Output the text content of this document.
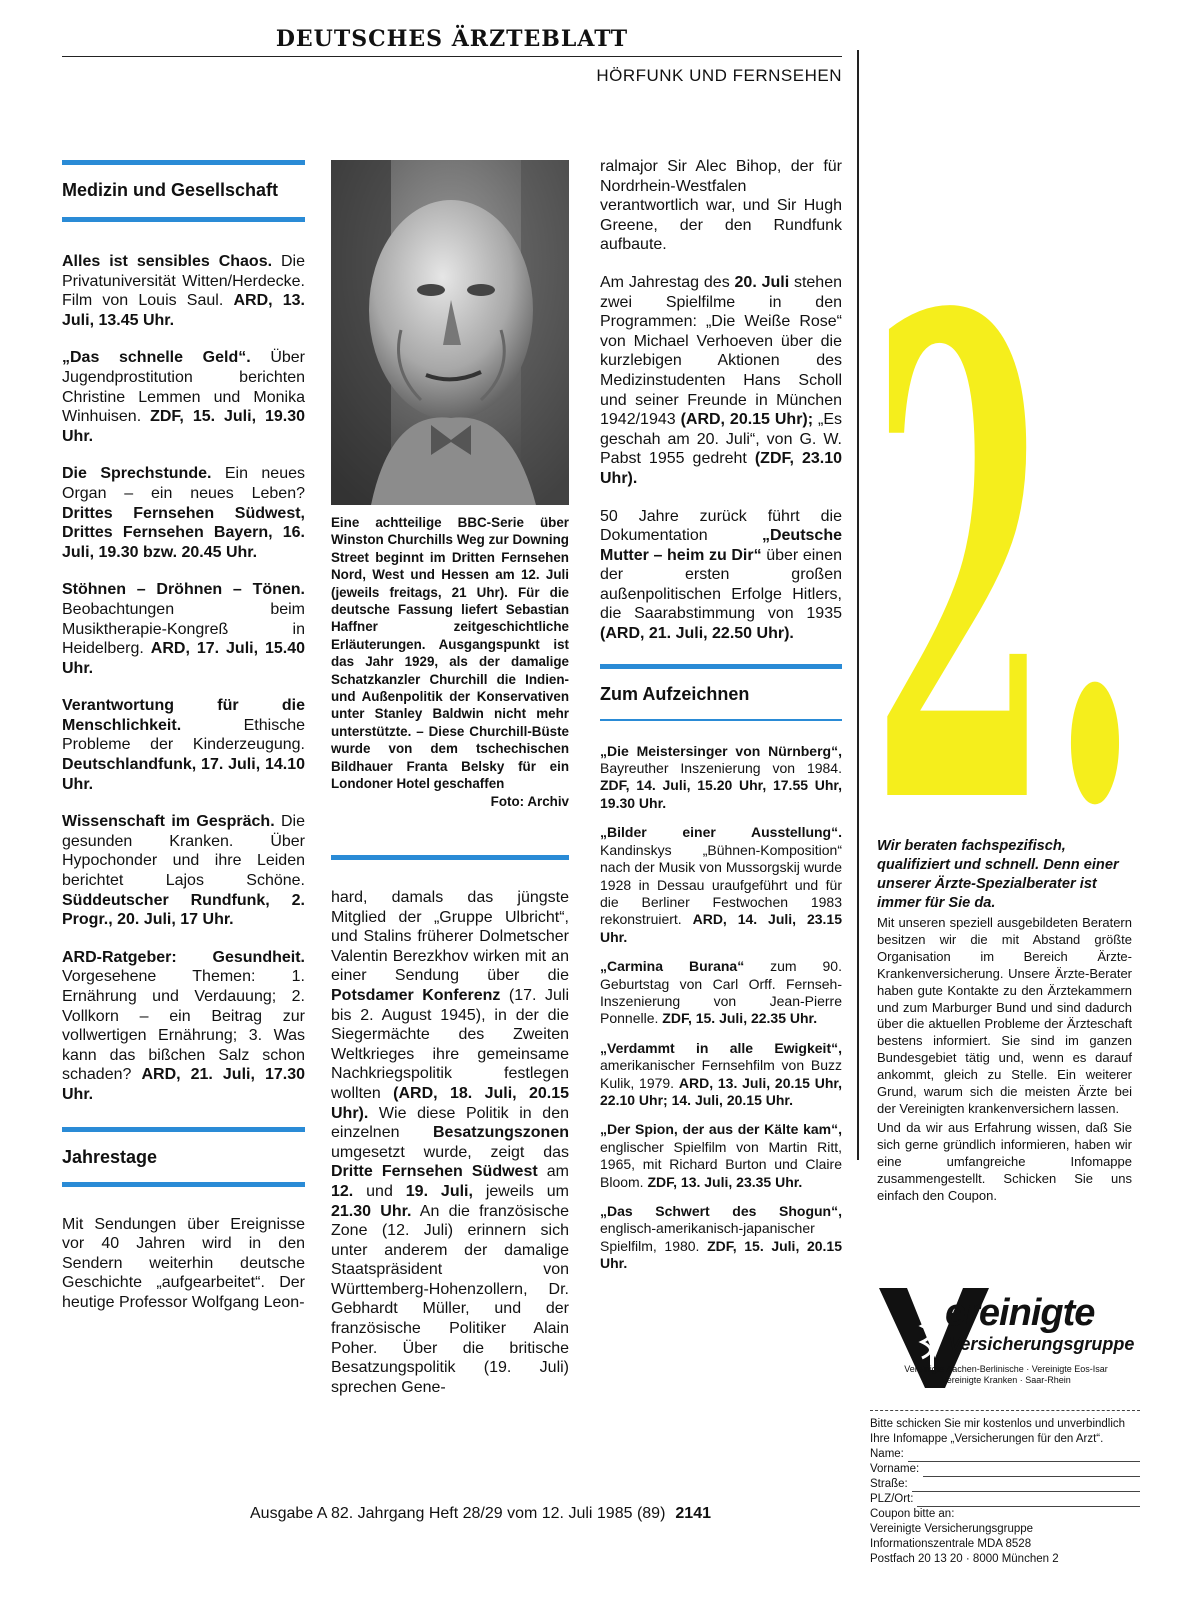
DEUTSCHES ÄRZTEBLATT
HÖRFUNK UND FERNSEHEN
Medizin und Gesellschaft
Alles ist sensibles Chaos. Die Privatuniversität Witten/Herdecke. Film von Louis Saul. ARD, 13. Juli, 13.45 Uhr.
„Das schnelle Geld“. Über Jugendprostitution berichten Christine Lemmen und Monika Winhuisen. ZDF, 15. Juli, 19.30 Uhr.
Die Sprechstunde. Ein neues Organ – ein neues Leben? Drittes Fernsehen Südwest, Drittes Fernsehen Bayern, 16. Juli, 19.30 bzw. 20.45 Uhr.
Stöhnen – Dröhnen – Tönen. Beobachtungen beim Musiktherapie-Kongreß in Heidelberg. ARD, 17. Juli, 15.40 Uhr.
Verantwortung für die Menschlichkeit. Ethische Probleme der Kinderzeugung. Deutschlandfunk, 17. Juli, 14.10 Uhr.
Wissenschaft im Gespräch. Die gesunden Kranken. Über Hypochonder und ihre Leiden berichtet Lajos Schöne. Süddeutscher Rundfunk, 2. Progr., 20. Juli, 17 Uhr.
ARD-Ratgeber: Gesundheit. Vorgesehene Themen: 1. Ernährung und Verdauung; 2. Vollkorn – ein Beitrag zur vollwertigen Ernährung; 3. Was kann das bißchen Salz schon schaden? ARD, 21. Juli, 17.30 Uhr.
Jahrestage
Mit Sendungen über Ereignisse vor 40 Jahren wird in den Sendern weiterhin deutsche Geschichte „aufgearbeitet“. Der heutige Professor Wolfgang Leon-
Eine achtteilige BBC-Serie über Winston Churchills Weg zur Downing Street beginnt im Dritten Fernsehen Nord, West und Hessen am 12. Juli (jeweils freitags, 21 Uhr). Für die deutsche Fassung liefert Sebastian Haffner zeitgeschichtliche Erläuterungen. Ausgangspunkt ist das Jahr 1929, als der damalige Schatzkanzler Churchill die Indien- und Außenpolitik der Konservativen unter Stanley Baldwin nicht mehr unterstützte. – Diese Churchill-Büste wurde von dem tschechischen Bildhauer Franta Belsky für ein Londoner Hotel geschaffen
Foto: Archiv
hard, damals das jüngste Mitglied der „Gruppe Ulbricht“, und Stalins früherer Dolmetscher Valentin Berezkhov wirken mit an einer Sendung über die Potsdamer Konferenz (17. Juli bis 2. August 1945), in der die Siegermächte des Zweiten Weltkrieges ihre gemeinsame Nachkriegspolitik festlegen wollten (ARD, 18. Juli, 20.15 Uhr). Wie diese Politik in den einzelnen Besatzungszonen umgesetzt wurde, zeigt das Dritte Fernsehen Südwest am 12. und 19. Juli, jeweils um 21.30 Uhr. An die französische Zone (12. Juli) erinnern sich unter anderem der damalige Staatspräsident von Württemberg-Hohenzollern, Dr. Gebhardt Müller, und der französische Politiker Alain Poher. Über die britische Besatzungspolitik (19. Juli) sprechen Gene-
ralmajor Sir Alec Bihop, der für Nordrhein-Westfalen verantwortlich war, und Sir Hugh Greene, der den Rundfunk aufbaute.
Am Jahrestag des 20. Juli stehen zwei Spielfilme in den Programmen: „Die Weiße Rose“ von Michael Verhoeven über die kurzlebigen Aktionen des Medizinstudenten Hans Scholl und seiner Freunde in München 1942/1943 (ARD, 20.15 Uhr); „Es geschah am 20. Juli“, von G. W. Pabst 1955 gedreht (ZDF, 23.10 Uhr).
50 Jahre zurück führt die Dokumentation „Deutsche Mutter – heim zu Dir“ über einen der ersten großen außenpolitischen Erfolge Hitlers, die Saarabstimmung von 1935 (ARD, 21. Juli, 22.50 Uhr).
Zum Aufzeichnen
„Die Meistersinger von Nürnberg“, Bayreuther Inszenierung von 1984. ZDF, 14. Juli, 15.20 Uhr, 17.55 Uhr, 19.30 Uhr.
„Bilder einer Ausstellung“. Kandinskys „Bühnen-Komposition“ nach der Musik von Mussorgskij wurde 1928 in Dessau uraufgeführt und für die Berliner Festwochen 1983 rekonstruiert. ARD, 14. Juli, 23.15 Uhr.
„Carmina Burana“ zum 90. Geburtstag von Carl Orff. Fernseh-Inszenierung von Jean-Pierre Ponnelle. ZDF, 15. Juli, 22.35 Uhr.
„Verdammt in alle Ewigkeit“, amerikanischer Fernsehfilm von Buzz Kulik, 1979. ARD, 13. Juli, 20.15 Uhr, 22.10 Uhr; 14. Juli, 20.15 Uhr.
„Der Spion, der aus der Kälte kam“, englischer Spielfilm von Martin Ritt, 1965, mit Richard Burton und Claire Bloom. ZDF, 13. Juli, 23.35 Uhr.
„Das Schwert des Shogun“, englisch-amerikanisch-japanischer Spielfilm, 1980. ZDF, 15. Juli, 20.15 Uhr.
Ausgabe A 82. Jahrgang Heft 28/29 vom 12. Juli 1985 (89) 2141
2.
Wir beraten fachspezifisch, qualifiziert und schnell. Denn einer unserer Ärzte-Spezialberater ist immer für Sie da.
Mit unseren speziell ausgebildeten Beratern besitzen wir die mit Abstand größte Organisation im Bereich Ärzte-Krankenversicherung. Unsere Ärzte-Berater haben gute Kontakte zu den Ärztekammern und zum Marburger Bund und sind dadurch über die aktuellen Probleme der Ärzteschaft bestens informiert. Sie sind im ganzen Bundesgebiet tätig und, wenn es darauf ankommt, gleich zu Stelle. Ein weiterer Grund, warum sich die meisten Ärzte bei der Vereinigten krankenversichern lassen.
Und da wir aus Erfahrung wissen, daß Sie sich gerne gründlich informieren, haben wir eine umfangreiche Infomappe zusammengestellt. Schicken Sie uns einfach den Coupon.
ereinigte
Versicherungsgruppe
Vereinigte Aachen-Berlinische · Vereinigte Eos-Isar
Vereinigte Kranken · Saar-Rhein
Bitte schicken Sie mir kostenlos und unverbindlich Ihre Infomappe „Versicherungen für den Arzt“.
Name:
Vorname:
Straße:
PLZ/Ort:
Coupon bitte an:
Vereinigte Versicherungsgruppe
Informationszentrale MDA 8528
Postfach 20 13 20 · 8000 München 2
